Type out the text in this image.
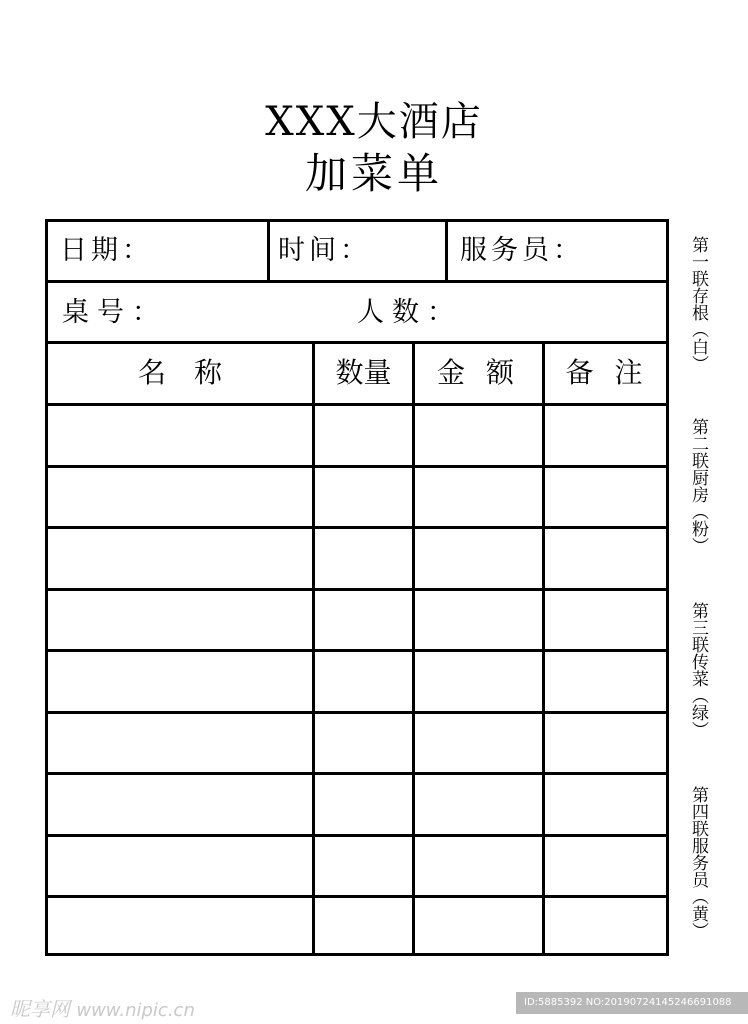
XXX大酒店
加菜单
日期：	时间：	服务员：
桌号：	人数：
名　称	数量	金 额	备 注
第一联存根（白）
第二联厨房（粉）
第三联传菜（绿）
第四联服务员（黄）
昵享网 www.nipic.cn	ID:5885392 NO:20190724145246691088
